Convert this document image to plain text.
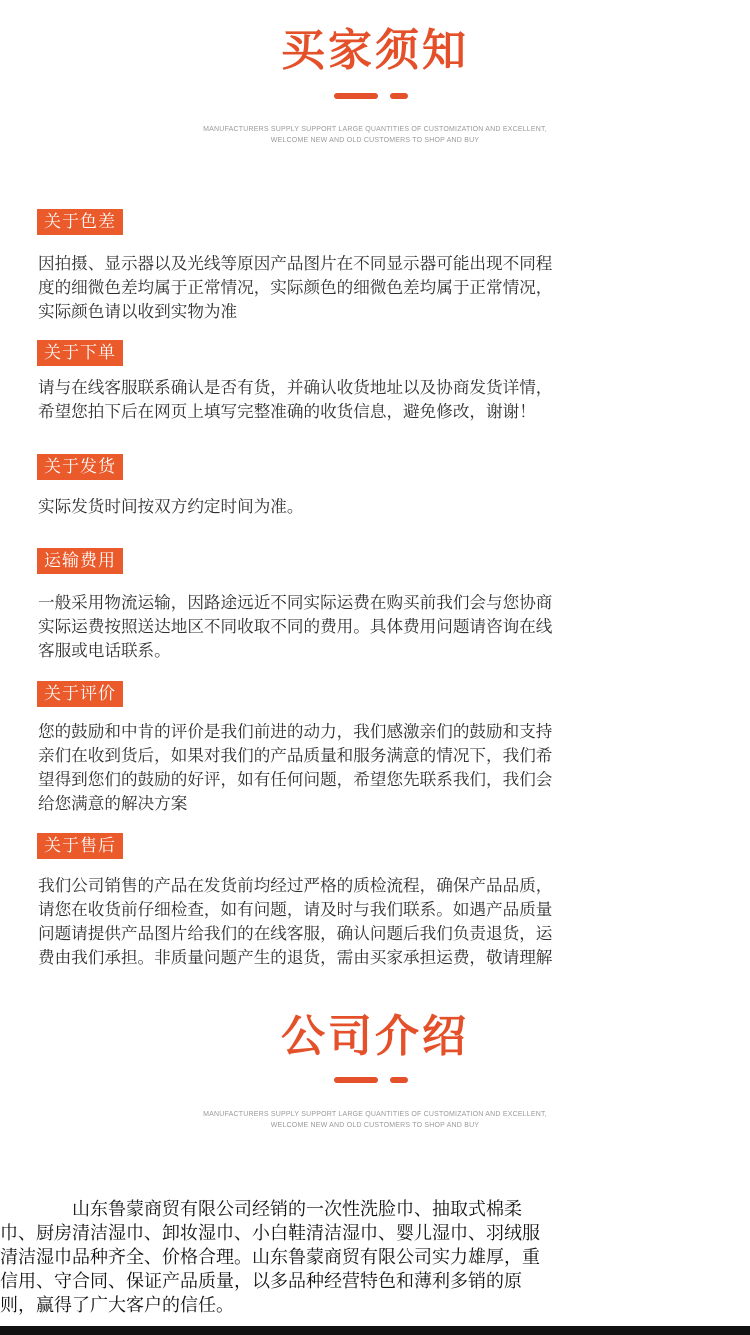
买家须知
MANUFACTURERS SUPPLY SUPPORT LARGE QUANTITIES OF CUSTOMIZATION AND EXCELLENT,
WELCOME NEW AND OLD CUSTOMERS TO SHOP AND BUY
关于色差
因拍摄、显示器以及光线等原因产品图片在不同显示器可能出现不同程
度的细微色差均属于正常情况，实际颜色的细微色差均属于正常情况，
实际颜色请以收到实物为准
关于下单
请与在线客服联系确认是否有货，并确认收货地址以及协商发货详情，
希望您拍下后在网页上填写完整准确的收货信息，避免修改，谢谢！
关于发货
实际发货时间按双方约定时间为准。
运输费用
一般采用物流运输，因路途远近不同实际运费在购买前我们会与您协商
实际运费按照送达地区不同收取不同的费用。具体费用问题请咨询在线
客服或电话联系。
关于评价
您的鼓励和中肯的评价是我们前进的动力，我们感激亲们的鼓励和支持
亲们在收到货后，如果对我们的产品质量和服务满意的情况下，我们希
望得到您们的鼓励的好评，如有任何问题，希望您先联系我们，我们会
给您满意的解决方案
关于售后
我们公司销售的产品在发货前均经过严格的质检流程，确保产品品质，
请您在收货前仔细检查，如有问题，请及时与我们联系。如遇产品质量
问题请提供产品图片给我们的在线客服，确认问题后我们负责退货，运
费由我们承担。非质量问题产生的退货，需由买家承担运费，敬请理解
公司介绍
MANUFACTURERS SUPPLY SUPPORT LARGE QUANTITIES OF CUSTOMIZATION AND EXCELLENT,
WELCOME NEW AND OLD CUSTOMERS TO SHOP AND BUY
　　　　山东鲁蒙商贸有限公司经销的一次性洗脸巾、抽取式棉柔
巾、厨房清洁湿巾、卸妆湿巾、小白鞋清洁湿巾、婴儿湿巾、羽绒服
清洁湿巾品种齐全、价格合理。山东鲁蒙商贸有限公司实力雄厚，重
信用、守合同、保证产品质量，以多品种经营特色和薄利多销的原
则，赢得了广大客户的信任。
